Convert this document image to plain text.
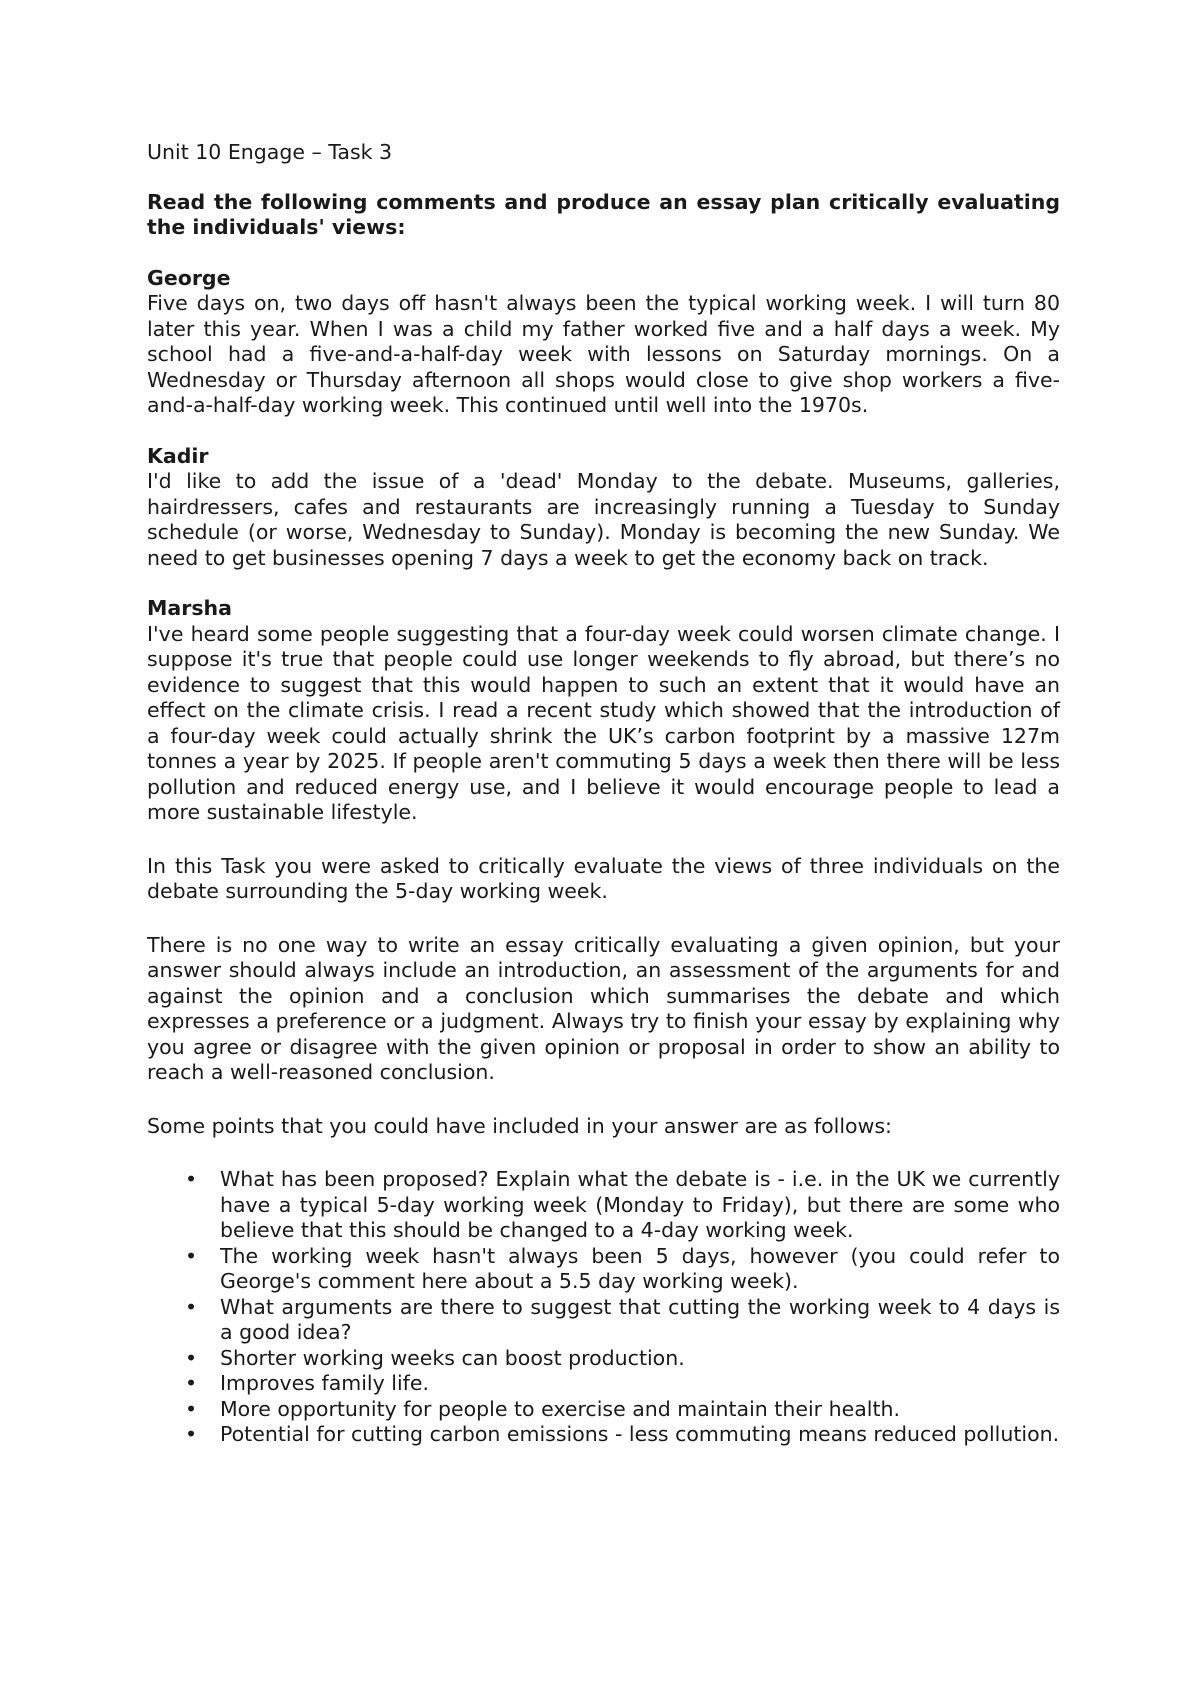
Unit 10 Engage – Task 3
Read the following comments and produce an essay plan critically evaluating the individuals' views:
George
Five days on, two days off hasn't always been the typical working week. I will turn 80 later this year. When I was a child my father worked five and a half days a week. My school had a five-and-a-half-day week with lessons on Saturday mornings. On a Wednesday or Thursday afternoon all shops would close to give shop workers a five-and-a-half-day working week. This continued until well into the 1970s.
Kadir
I'd like to add the issue of a 'dead' Monday to the debate. Museums, galleries, hairdressers, cafes and restaurants are increasingly running a Tuesday to Sunday schedule (or worse, Wednesday to Sunday). Monday is becoming the new Sunday. We need to get businesses opening 7 days a week to get the economy back on track.
Marsha
I've heard some people suggesting that a four-day week could worsen climate change. I suppose it's true that people could use longer weekends to fly abroad, but there’s no evidence to suggest that this would happen to such an extent that it would have an effect on the climate crisis. I read a recent study which showed that the introduction of a four-day week could actually shrink the UK’s carbon footprint by a massive 127m tonnes a year by 2025. If people aren't commuting 5 days a week then there will be less pollution and reduced energy use, and I believe it would encourage people to lead a more sustainable lifestyle.
In this Task you were asked to critically evaluate the views of three individuals on the debate surrounding the 5-day working week.
There is no one way to write an essay critically evaluating a given opinion, but your answer should always include an introduction, an assessment of the arguments for and against the opinion and a conclusion which summarises the debate and which expresses a preference or a judgment. Always try to finish your essay by explaining why you agree or disagree with the given opinion or proposal in order to show an ability to reach a well-reasoned conclusion.
Some points that you could have included in your answer are as follows:
• What has been proposed? Explain what the debate is - i.e. in the UK we currently have a typical 5-day working week (Monday to Friday), but there are some who believe that this should be changed to a 4-day working week.
• The working week hasn't always been 5 days, however (you could refer to George's comment here about a 5.5 day working week).
• What arguments are there to suggest that cutting the working week to 4 days is a good idea?
• Shorter working weeks can boost production.
• Improves family life.
• More opportunity for people to exercise and maintain their health.
• Potential for cutting carbon emissions - less commuting means reduced pollution.
